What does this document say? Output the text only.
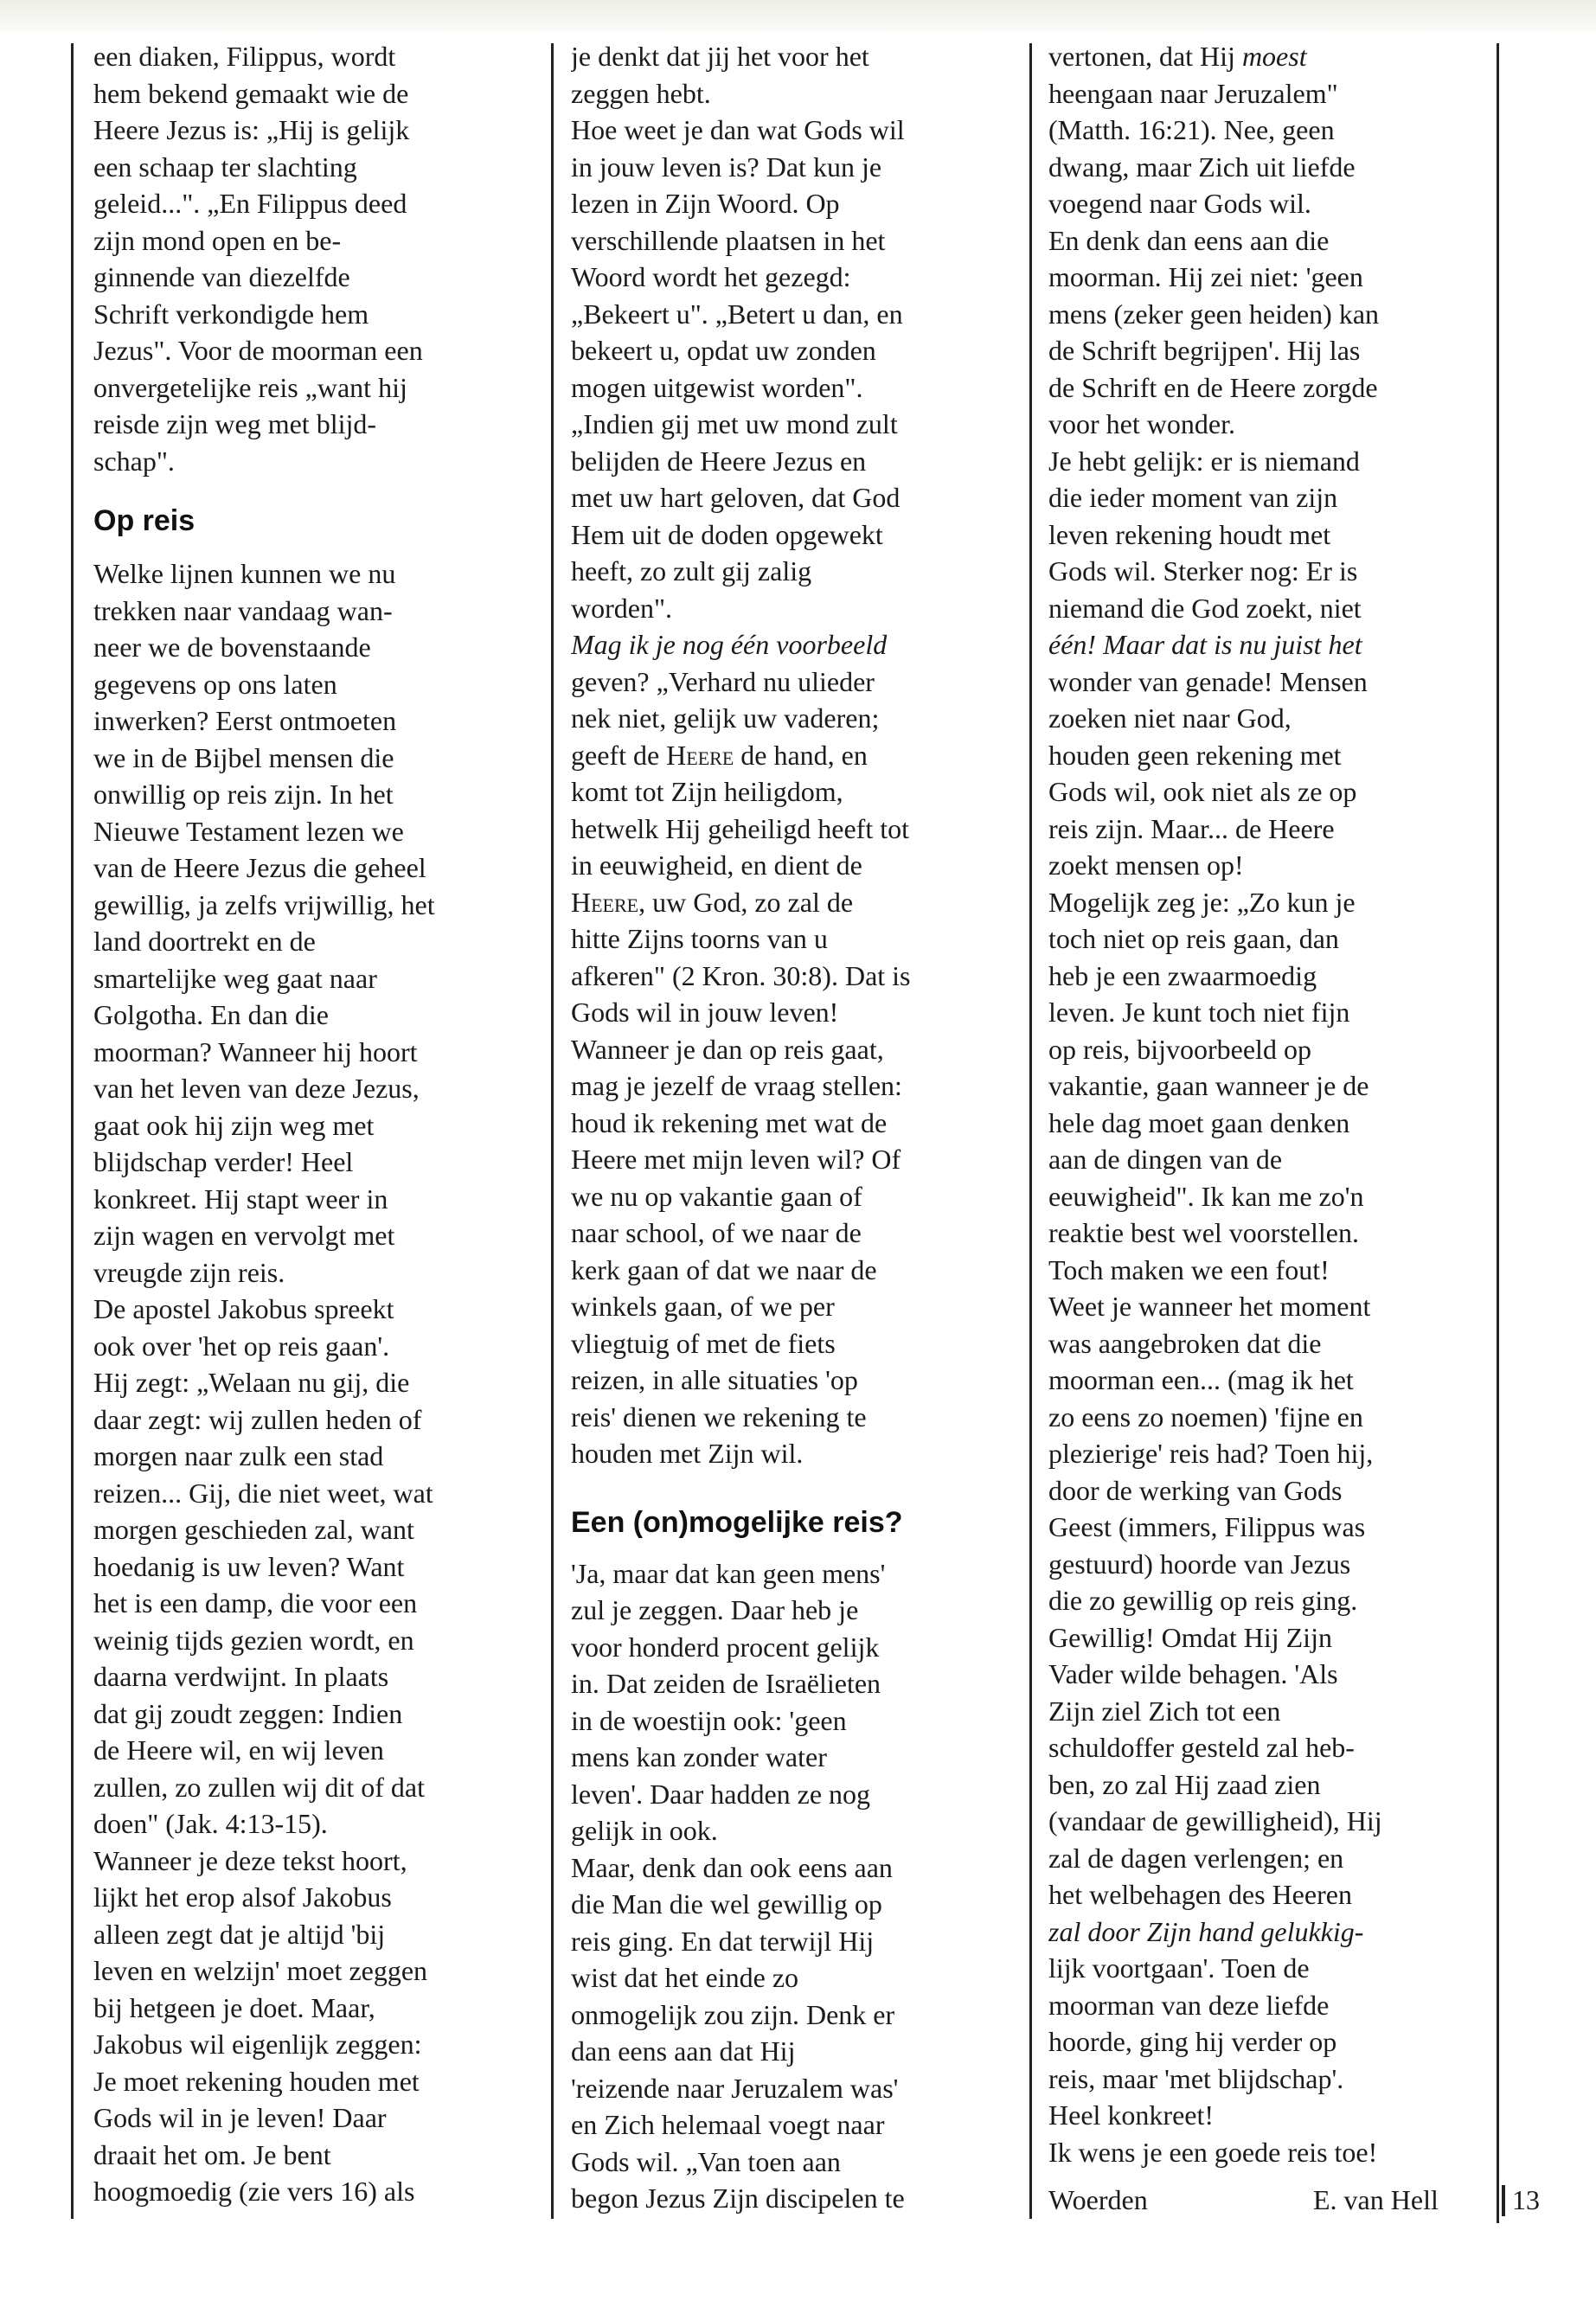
een diaken, Filippus, wordt
hem bekend gemaakt wie de
Heere Jezus is: „Hij is gelijk
een schaap ter slachting
geleid...". „En Filippus deed
zijn mond open en be-
ginnende van diezelfde
Schrift verkondigde hem
Jezus". Voor de moorman een
onvergetelijke reis „want hij
reisde zijn weg met blijd-
schap".
Op reis
Welke lijnen kunnen we nu
trekken naar vandaag wan-
neer we de bovenstaande
gegevens op ons laten
inwerken? Eerst ontmoeten
we in de Bijbel mensen die
onwillig op reis zijn. In het
Nieuwe Testament lezen we
van de Heere Jezus die geheel
gewillig, ja zelfs vrijwillig, het
land doortrekt en de
smartelijke weg gaat naar
Golgotha. En dan die
moorman? Wanneer hij hoort
van het leven van deze Jezus,
gaat ook hij zijn weg met
blijdschap verder! Heel
konkreet. Hij stapt weer in
zijn wagen en vervolgt met
vreugde zijn reis.
De apostel Jakobus spreekt
ook over 'het op reis gaan'.
Hij zegt: „Welaan nu gij, die
daar zegt: wij zullen heden of
morgen naar zulk een stad
reizen... Gij, die niet weet, wat
morgen geschieden zal, want
hoedanig is uw leven? Want
het is een damp, die voor een
weinig tijds gezien wordt, en
daarna verdwijnt. In plaats
dat gij zoudt zeggen: Indien
de Heere wil, en wij leven
zullen, zo zullen wij dit of dat
doen" (Jak. 4:13-15).
Wanneer je deze tekst hoort,
lijkt het erop alsof Jakobus
alleen zegt dat je altijd 'bij
leven en welzijn' moet zeggen
bij hetgeen je doet. Maar,
Jakobus wil eigenlijk zeggen:
Je moet rekening houden met
Gods wil in je leven! Daar
draait het om. Je bent
hoogmoedig (zie vers 16) als
je denkt dat jij het voor het
zeggen hebt.
Hoe weet je dan wat Gods wil
in jouw leven is? Dat kun je
lezen in Zijn Woord. Op
verschillende plaatsen in het
Woord wordt het gezegd:
„Bekeert u". „Betert u dan, en
bekeert u, opdat uw zonden
mogen uitgewist worden".
„Indien gij met uw mond zult
belijden de Heere Jezus en
met uw hart geloven, dat God
Hem uit de doden opgewekt
heeft, zo zult gij zalig
worden".
Mag ik je nog één voorbeeld
geven? „Verhard nu ulieder
nek niet, gelijk uw vaderen;
geeft de Heere de hand, en
komt tot Zijn heiligdom,
hetwelk Hij geheiligd heeft tot
in eeuwigheid, en dient de
Heere, uw God, zo zal de
hitte Zijns toorns van u
afkeren" (2 Kron. 30:8). Dat is
Gods wil in jouw leven!
Wanneer je dan op reis gaat,
mag je jezelf de vraag stellen:
houd ik rekening met wat de
Heere met mijn leven wil? Of
we nu op vakantie gaan of
naar school, of we naar de
kerk gaan of dat we naar de
winkels gaan, of we per
vliegtuig of met de fiets
reizen, in alle situaties 'op
reis' dienen we rekening te
houden met Zijn wil.
Een (on)mogelijke reis?
'Ja, maar dat kan geen mens'
zul je zeggen. Daar heb je
voor honderd procent gelijk
in. Dat zeiden de Israëlieten
in de woestijn ook: 'geen
mens kan zonder water
leven'. Daar hadden ze nog
gelijk in ook.
Maar, denk dan ook eens aan
die Man die wel gewillig op
reis ging. En dat terwijl Hij
wist dat het einde zo
onmogelijk zou zijn. Denk er
dan eens aan dat Hij
'reizende naar Jeruzalem was'
en Zich helemaal voegt naar
Gods wil. „Van toen aan
begon Jezus Zijn discipelen te
vertonen, dat Hij moest
heengaan naar Jeruzalem"
(Matth. 16:21). Nee, geen
dwang, maar Zich uit liefde
voegend naar Gods wil.
En denk dan eens aan die
moorman. Hij zei niet: 'geen
mens (zeker geen heiden) kan
de Schrift begrijpen'. Hij las
de Schrift en de Heere zorgde
voor het wonder.
Je hebt gelijk: er is niemand
die ieder moment van zijn
leven rekening houdt met
Gods wil. Sterker nog: Er is
niemand die God zoekt, niet
één! Maar dat is nu juist het
wonder van genade! Mensen
zoeken niet naar God,
houden geen rekening met
Gods wil, ook niet als ze op
reis zijn. Maar... de Heere
zoekt mensen op!
Mogelijk zeg je: „Zo kun je
toch niet op reis gaan, dan
heb je een zwaarmoedig
leven. Je kunt toch niet fijn
op reis, bijvoorbeeld op
vakantie, gaan wanneer je de
hele dag moet gaan denken
aan de dingen van de
eeuwigheid". Ik kan me zo'n
reaktie best wel voorstellen.
Toch maken we een fout!
Weet je wanneer het moment
was aangebroken dat die
moorman een... (mag ik het
zo eens zo noemen) 'fijne en
plezierige' reis had? Toen hij,
door de werking van Gods
Geest (immers, Filippus was
gestuurd) hoorde van Jezus
die zo gewillig op reis ging.
Gewillig! Omdat Hij Zijn
Vader wilde behagen. 'Als
Zijn ziel Zich tot een
schuldoffer gesteld zal heb-
ben, zo zal Hij zaad zien
(vandaar de gewilligheid), Hij
zal de dagen verlengen; en
het welbehagen des Heeren
zal door Zijn hand gelukkig-
lijk voortgaan'. Toen de
moorman van deze liefde
hoorde, ging hij verder op
reis, maar 'met blijdschap'.
Heel konkreet!
Ik wens je een goede reis toe!
Woerden	E. van Hell	13
